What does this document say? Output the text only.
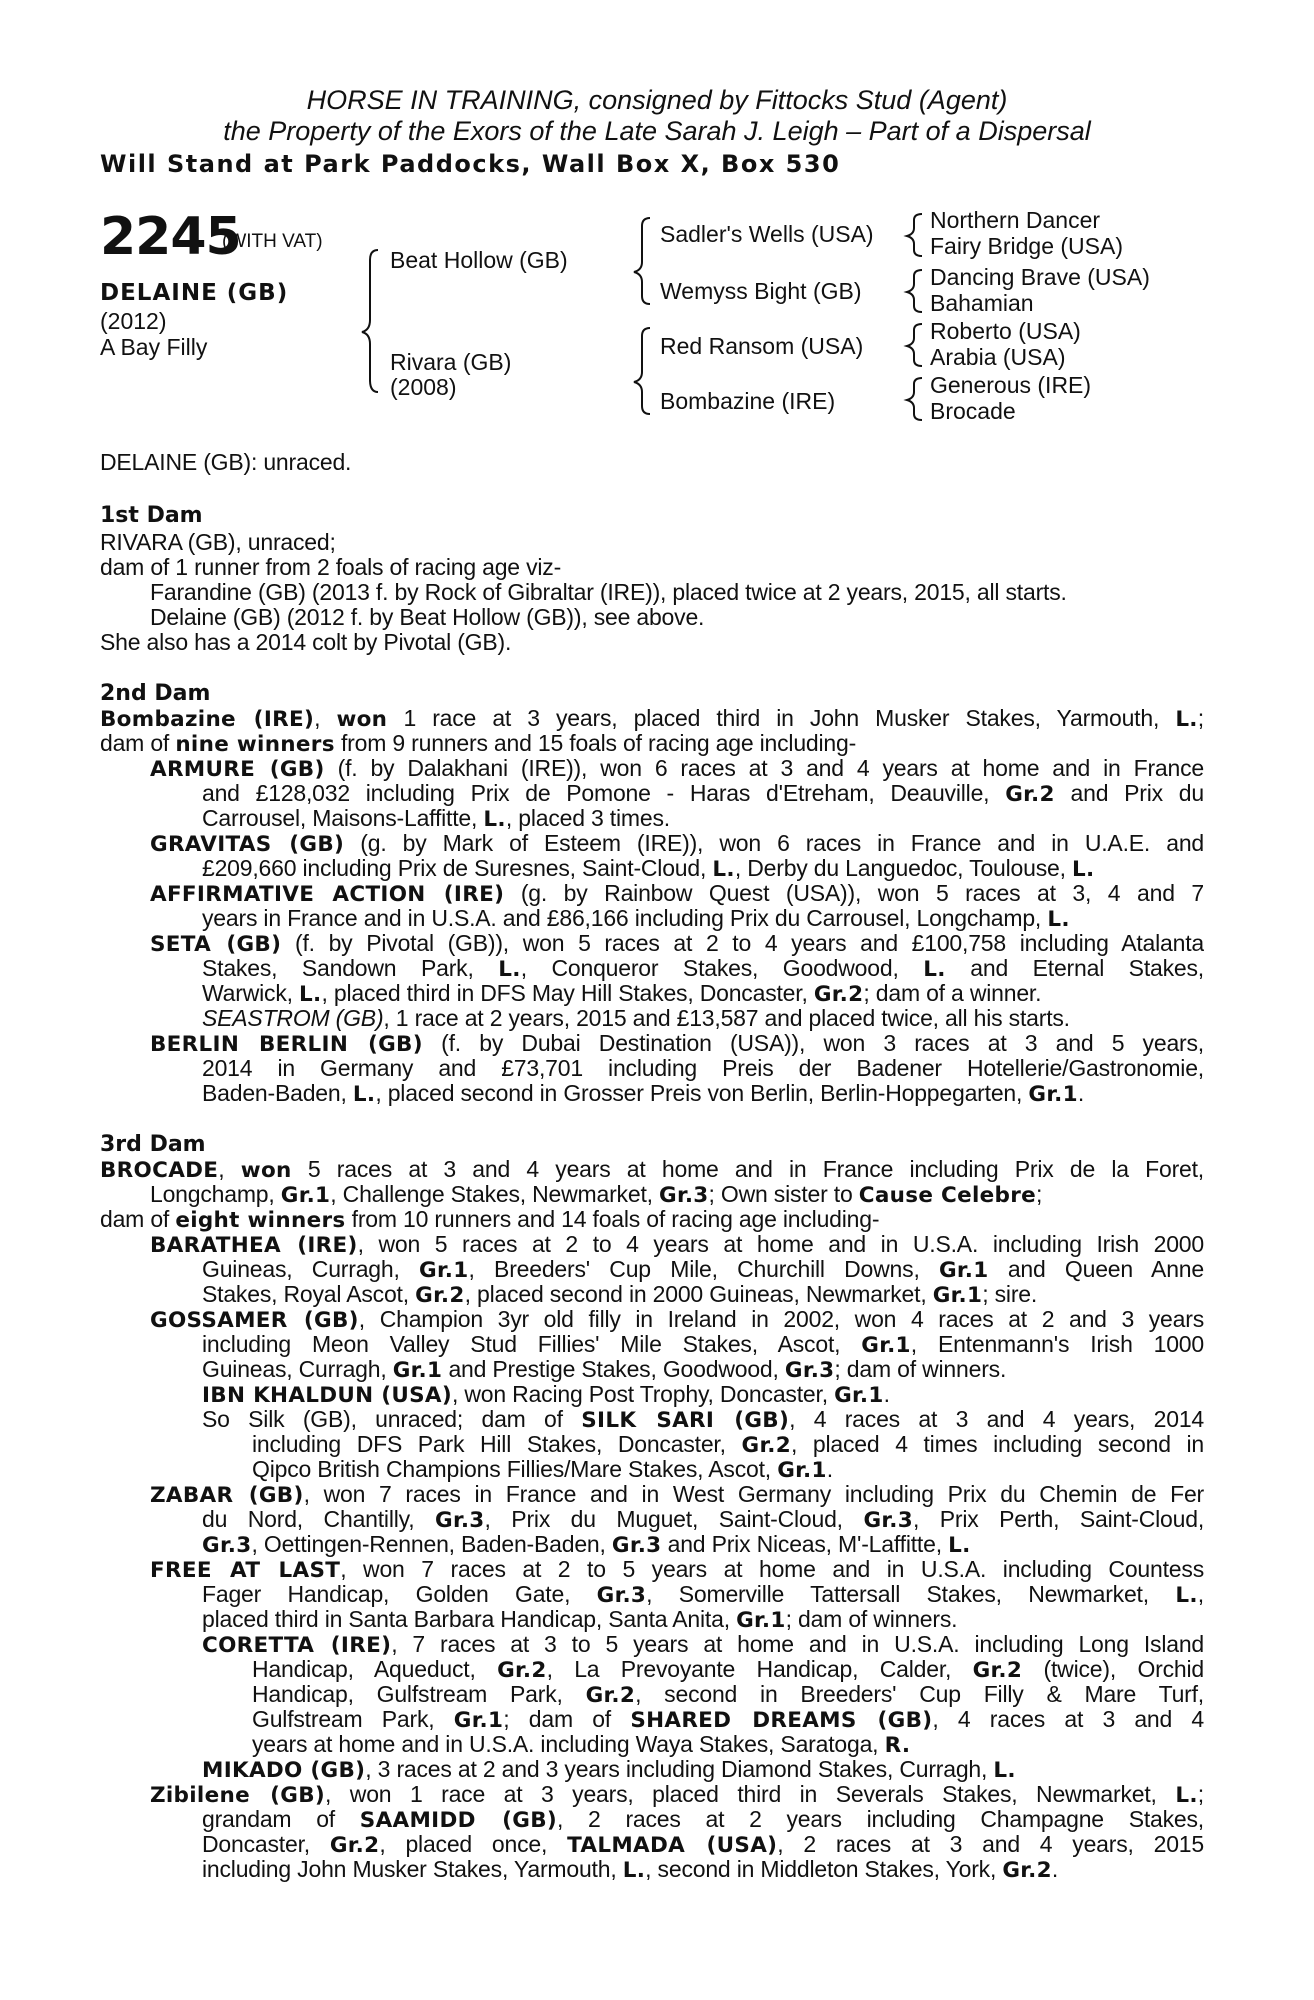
HORSE IN TRAINING, consigned by Fittocks Stud (Agent)
the Property of the Exors of the Late Sarah J. Leigh – Part of a Dispersal
Will Stand at Park Paddocks, Wall Box X, Box 530
2245
(WITH VAT)
DELAINE (GB)
(2012)
A Bay Filly
Beat Hollow (GB)
Rivara (GB)
(2008)
Sadler's Wells (USA)
Wemyss Bight (GB)
Red Ransom (USA)
Bombazine (IRE)
Northern Dancer
Fairy Bridge (USA)
Dancing Brave (USA)
Bahamian
Roberto (USA)
Arabia (USA)
Generous (IRE)
Brocade
DELAINE (GB): unraced.
1st Dam
RIVARA (GB), unraced;
dam of 1 runner from 2 foals of racing age viz-
Farandine (GB) (2013 f. by Rock of Gibraltar (IRE)), placed twice at 2 years, 2015, all starts.
Delaine (GB) (2012 f. by Beat Hollow (GB)), see above.
She also has a 2014 colt by Pivotal (GB).
2nd Dam
Bombazine (IRE), won 1 race at 3 years, placed third in John Musker Stakes, Yarmouth, L.;
dam of nine winners from 9 runners and 15 foals of racing age including-
ARMURE (GB) (f. by Dalakhani (IRE)), won 6 races at 3 and 4 years at home and in France
and £128,032 including Prix de Pomone - Haras d'Etreham, Deauville, Gr.2 and Prix du
Carrousel, Maisons-Laffitte, L., placed 3 times.
GRAVITAS (GB) (g. by Mark of Esteem (IRE)), won 6 races in France and in U.A.E. and
£209,660 including Prix de Suresnes, Saint-Cloud, L., Derby du Languedoc, Toulouse, L.
AFFIRMATIVE ACTION (IRE) (g. by Rainbow Quest (USA)), won 5 races at 3, 4 and 7
years in France and in U.S.A. and £86,166 including Prix du Carrousel, Longchamp, L.
SETA (GB) (f. by Pivotal (GB)), won 5 races at 2 to 4 years and £100,758 including Atalanta
Stakes, Sandown Park, L., Conqueror Stakes, Goodwood, L. and Eternal Stakes,
Warwick, L., placed third in DFS May Hill Stakes, Doncaster, Gr.2; dam of a winner.
SEASTROM (GB), 1 race at 2 years, 2015 and £13,587 and placed twice, all his starts.
BERLIN BERLIN (GB) (f. by Dubai Destination (USA)), won 3 races at 3 and 5 years,
2014 in Germany and £73,701 including Preis der Badener Hotellerie/Gastronomie,
Baden-Baden, L., placed second in Grosser Preis von Berlin, Berlin-Hoppegarten, Gr.1.
3rd Dam
BROCADE, won 5 races at 3 and 4 years at home and in France including Prix de la Foret,
Longchamp, Gr.1, Challenge Stakes, Newmarket, Gr.3; Own sister to Cause Celebre;
dam of eight winners from 10 runners and 14 foals of racing age including-
BARATHEA (IRE), won 5 races at 2 to 4 years at home and in U.S.A. including Irish 2000
Guineas, Curragh, Gr.1, Breeders' Cup Mile, Churchill Downs, Gr.1 and Queen Anne
Stakes, Royal Ascot, Gr.2, placed second in 2000 Guineas, Newmarket, Gr.1; sire.
GOSSAMER (GB), Champion 3yr old filly in Ireland in 2002, won 4 races at 2 and 3 years
including Meon Valley Stud Fillies' Mile Stakes, Ascot, Gr.1, Entenmann's Irish 1000
Guineas, Curragh, Gr.1 and Prestige Stakes, Goodwood, Gr.3; dam of winners.
IBN KHALDUN (USA), won Racing Post Trophy, Doncaster, Gr.1.
So Silk (GB), unraced; dam of SILK SARI (GB), 4 races at 3 and 4 years, 2014
including DFS Park Hill Stakes, Doncaster, Gr.2, placed 4 times including second in
Qipco British Champions Fillies/Mare Stakes, Ascot, Gr.1.
ZABAR (GB), won 7 races in France and in West Germany including Prix du Chemin de Fer
du Nord, Chantilly, Gr.3, Prix du Muguet, Saint-Cloud, Gr.3, Prix Perth, Saint-Cloud,
Gr.3, Oettingen-Rennen, Baden-Baden, Gr.3 and Prix Niceas, M'-Laffitte, L.
FREE AT LAST, won 7 races at 2 to 5 years at home and in U.S.A. including Countess
Fager Handicap, Golden Gate, Gr.3, Somerville Tattersall Stakes, Newmarket, L.,
placed third in Santa Barbara Handicap, Santa Anita, Gr.1; dam of winners.
CORETTA (IRE), 7 races at 3 to 5 years at home and in U.S.A. including Long Island
Handicap, Aqueduct, Gr.2, La Prevoyante Handicap, Calder, Gr.2 (twice), Orchid
Handicap, Gulfstream Park, Gr.2, second in Breeders' Cup Filly & Mare Turf,
Gulfstream Park, Gr.1; dam of SHARED DREAMS (GB), 4 races at 3 and 4
years at home and in U.S.A. including Waya Stakes, Saratoga, R.
MIKADO (GB), 3 races at 2 and 3 years including Diamond Stakes, Curragh, L.
Zibilene (GB), won 1 race at 3 years, placed third in Severals Stakes, Newmarket, L.;
grandam of SAAMIDD (GB), 2 races at 2 years including Champagne Stakes,
Doncaster, Gr.2, placed once, TALMADA (USA), 2 races at 3 and 4 years, 2015
including John Musker Stakes, Yarmouth, L., second in Middleton Stakes, York, Gr.2.
